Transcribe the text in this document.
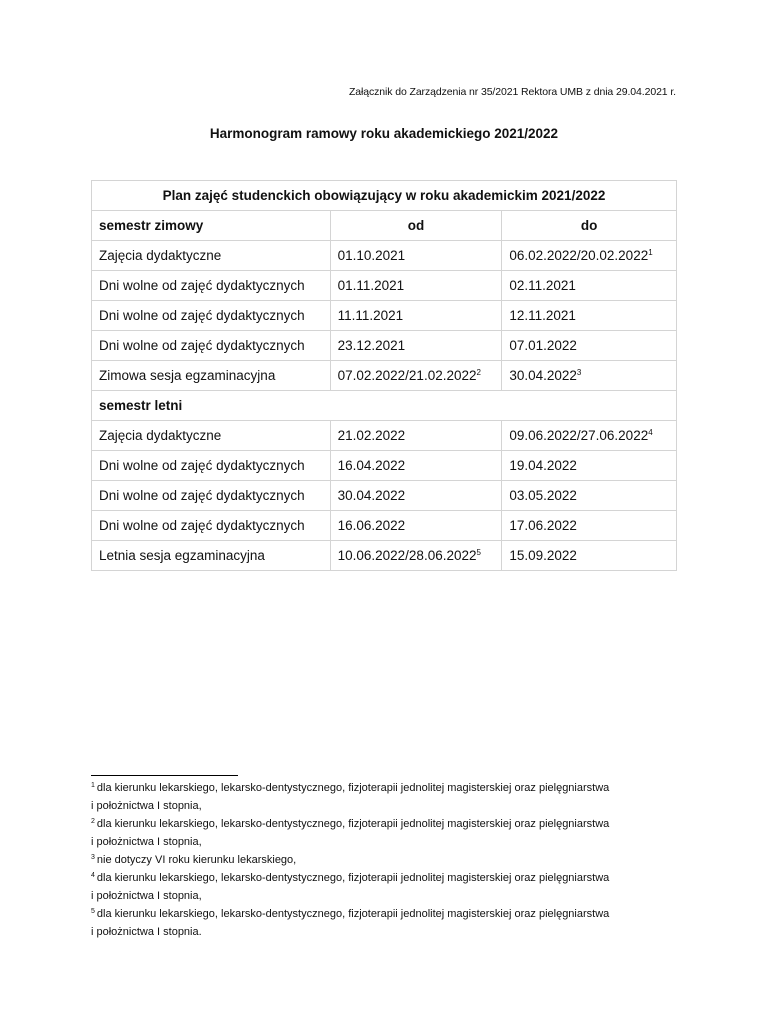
Załącznik do Zarządzenia nr 35/2021 Rektora UMB z dnia 29.04.2021 r.
Harmonogram ramowy roku akademickiego 2021/2022
Plan zajęć studenckich obowiązujący w roku akademickim 2021/2022		
semestr zimowy	od	do
Zajęcia dydaktyczne	01.10.2021	06.02.2022/20.02.2022$^1$
Dni wolne od zajęć dydaktycznych	01.11.2021	02.11.2021
Dni wolne od zajęć dydaktycznych	11.11.2021	12.11.2021
Dni wolne od zajęć dydaktycznych	23.12.2021	07.01.2022
Zimowa sesja egzaminacyjna	07.02.2022/21.02.2022$^2$	30.04.2022$^3$
semestr letni		
Zajęcia dydaktyczne	21.02.2022	09.06.2022/27.06.2022$^4$
Dni wolne od zajęć dydaktycznych	16.04.2022	19.04.2022
Dni wolne od zajęć dydaktycznych	30.04.2022	03.05.2022
Dni wolne od zajęć dydaktycznych	16.06.2022	17.06.2022
Letnia sesja egzaminacyjna	10.06.2022/28.06.2022$^5$	15.09.2022

$^1$ dla kierunku lekarskiego, lekarsko-dentystycznego, fizjoterapii jednolitej magisterskiej oraz pielęgniarstwa
i położnictwa I stopnia,

$^2$ dla kierunku lekarskiego, lekarsko-dentystycznego, fizjoterapii jednolitej magisterskiej oraz pielęgniarstwa
i położnictwa I stopnia,

$^3$ nie dotyczy VI roku kierunku lekarskiego,

$^4$ dla kierunku lekarskiego, lekarsko-dentystycznego, fizjoterapii jednolitej magisterskiej oraz pielęgniarstwa
i położnictwa I stopnia,

$^5$ dla kierunku lekarskiego, lekarsko-dentystycznego, fizjoterapii jednolitej magisterskiej oraz pielęgniarstwa
i położnictwa I stopnia.
